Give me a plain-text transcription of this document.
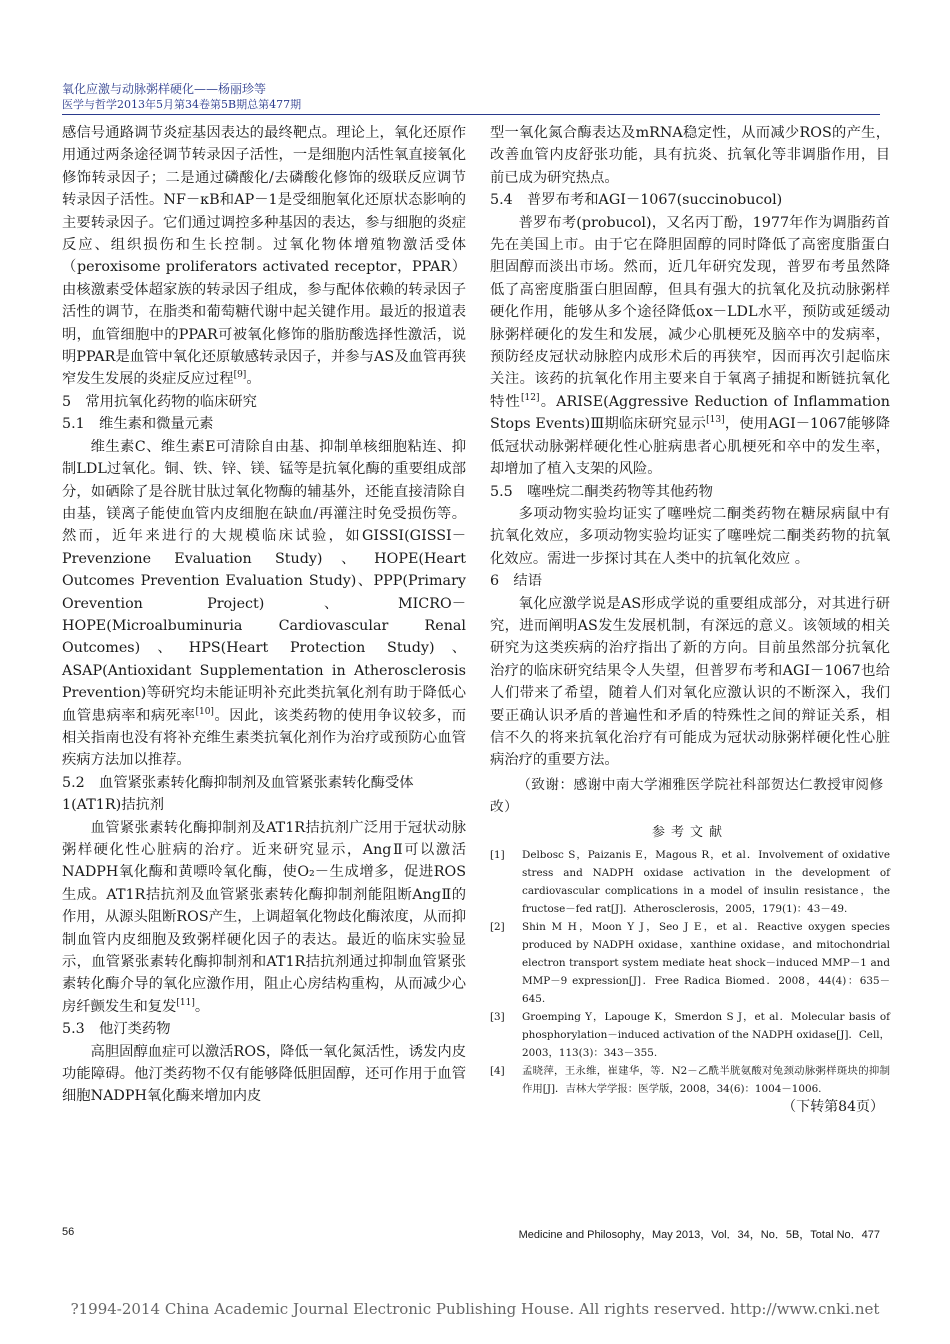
氧化应激与动脉粥样硬化——杨丽珍等
医学与哲学2013年5月第34卷第5B期总第477期

感信号通路调节炎症基因表达的最终靶点。理论上，氧化还原作用通过两条途径调节转录因子活性，一是细胞内活性氧直接氧化修饰转录因子；二是通过磷酸化/去磷酸化修饰的级联反应调节转录因子活性。NF－κB和AP－1是受细胞氧化还原状态影响的主要转录因子。它们通过调控多种基因的表达，参与细胞的炎症反应、组织损伤和生长控制。过氧化物体增殖物激活受体（peroxisome proliferators activated receptor，PPAR）由核激素受体超家族的转录因子组成，参与配体依赖的转录因子活性的调节，在脂类和葡萄糖代谢中起关键作用。最近的报道表明，血管细胞中的PPAR可被氧化修饰的脂肪酸选择性激活，说明PPAR是血管中氧化还原敏感转录因子，并参与AS及血管再狭窄发生发展的炎症反应过程[9]。

5　常用抗氧化药物的临床研究

5.1　维生素和微量元素

维生素C、维生素E可清除自由基、抑制单核细胞粘连、抑制LDL过氧化。铜、铁、锌、镁、锰等是抗氧化酶的重要组成部分，如硒除了是谷胱甘肽过氧化物酶的辅基外，还能直接清除自由基，镁离子能使血管内皮细胞在缺血/再灌注时免受损伤等。然而，近年来进行的大规模临床试验，如GISSI(GISSI－Prevenzione Evaluation Study)、HOPE(Heart Outcomes Prevention Evaluation Study)、PPP(Primary Orevention Project)、MICRO－HOPE(Microalbuminuria Cardiovascular Renal Outcomes)、HPS(Heart Protection Study)、ASAP(Antioxidant Supplementation in Atherosclerosis Prevention)等研究均未能证明补充此类抗氧化剂有助于降低心血管患病率和病死率[10]。因此，该类药物的使用争议较多，而相关指南也没有将补充维生素类抗氧化剂作为治疗或预防心血管疾病方法加以推荐。

5.2　血管紧张素转化酶抑制剂及血管紧张素转化酶受体1(AT1R)拮抗剂

血管紧张素转化酶抑制剂及AT1R拮抗剂广泛用于冠状动脉粥样硬化性心脏病的治疗。近来研究显示，AngⅡ可以激活NADPH氧化酶和黄嘌呤氧化酶，使O₂－生成增多，促进ROS生成。AT1R拮抗剂及血管紧张素转化酶抑制剂能阻断AngⅡ的作用，从源头阻断ROS产生，上调超氧化物歧化酶浓度，从而抑制血管内皮细胞及致粥样硬化因子的表达。最近的临床实验显示，血管紧张素转化酶抑制剂和AT1R拮抗剂通过抑制血管紧张素转化酶介导的氧化应激作用，阻止心房结构重构，从而减少心房纤颤发生和复发[11]。

5.3　他汀类药物

高胆固醇血症可以激活ROS，降低一氧化氮活性，诱发内皮功能障碍。他汀类药物不仅有能够降低胆固醇，还可作用于血管细胞NADPH氧化酶来增加内皮

型一氧化氮合酶表达及mRNA稳定性，从而减少ROS的产生，改善血管内皮舒张功能，具有抗炎、抗氧化等非调脂作用，目前已成为研究热点。

5.4　普罗布考和AGI－1067(succinobucol)

普罗布考(probucol)，又名丙丁酚，1977年作为调脂药首先在美国上市。由于它在降胆固醇的同时降低了高密度脂蛋白胆固醇而淡出市场。然而，近几年研究发现，普罗布考虽然降低了高密度脂蛋白胆固醇，但具有强大的抗氧化及抗动脉粥样硬化作用，能够从多个途径降低ox－LDL水平，预防或延缓动脉粥样硬化的发生和发展，减少心肌梗死及脑卒中的发病率，预防经皮冠状动脉腔内成形术后的再狭窄，因而再次引起临床关注。该药的抗氧化作用主要来自于氧离子捕捉和断链抗氧化特性[12]。ARISE(Aggressive Reduction of Inflammation Stops Events)Ⅲ期临床研究显示[13]，使用AGI－1067能够降低冠状动脉粥样硬化性心脏病患者心肌梗死和卒中的发生率，却增加了植入支架的风险。

5.5　噻唑烷二酮类药物等其他药物

多项动物实验均证实了噻唑烷二酮类药物在糖尿病鼠中有抗氧化效应，多项动物实验均证实了噻唑烷二酮类药物的抗氧化效应。需进一步探讨其在人类中的抗氧化效应 。

6　结语

氧化应激学说是AS形成学说的重要组成部分，对其进行研究，进而阐明AS发生发展机制，有深远的意义。该领域的相关研究为这类疾病的治疗指出了新的方向。目前虽然部分抗氧化治疗的临床研究结果令人失望，但普罗布考和AGI－1067也给人们带来了希望，随着人们对氧化应激认识的不断深入，我们要正确认识矛盾的普遍性和矛盾的特殊性之间的辩证关系，相信不久的将来抗氧化治疗有可能成为冠状动脉粥样硬化性心脏病治疗的重要方法。

（致谢：感谢中南大学湘雅医学院社科部贺达仁教授审阅修改）

参考文献
[1]	Delbosc S，Paizanis E，Magous R，et al．Involvement of oxidative stress and NADPH oxidase activation in the development of cardiovascular complications in a model of insulin resistance，the fructose－fed rat[J]．Atherosclerosis，2005，179(1)：43－49.
[2]	Shin M H，Moon Y J，Seo J E，et al．Reactive oxygen species produced by NADPH oxidase，xanthine oxidase，and mitochondrial electron transport system mediate heat shock－induced MMP－1 and MMP－9 expression[J]．Free Radica Biomed．2008，44(4)：635－645.
[3]	Groemping Y，Lapouge K，Smerdon S J，et al．Molecular basis of phosphorylation－induced activation of the NADPH oxidase[J]．Cell，2003，113(3)：343－355.
[4]	孟晓萍，王永维，崔建华，等．N2－乙酰半胱氨酸对兔颈动脉粥样斑块的抑制作用[J]．吉林大学学报：医学版，2008，34(6)：1004－1006.
（下转第84页）
56	Medicine and Philosophy，May 2013，Vol．34，No．5B，Total No．477
?1994-2014 China Academic Journal Electronic Publishing House. All rights reserved. http://www.cnki.net
